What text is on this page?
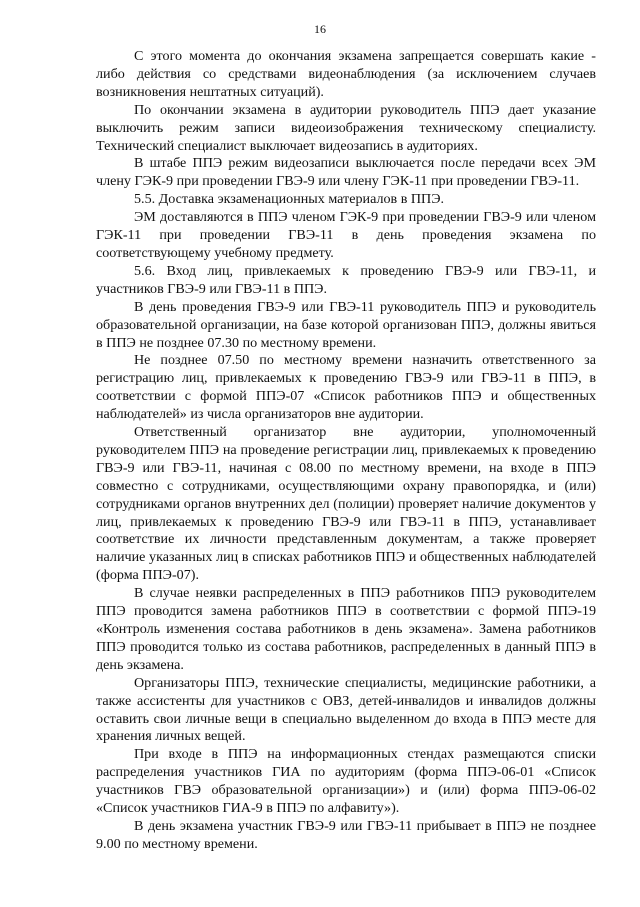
16

С этого момента до окончания экзамена запрещается совершать какие - либо действия со средствами видеонаблюдения (за исключением случаев возникновения нештатных ситуаций).

По окончании экзамена в аудитории руководитель ППЭ дает указание выключить режим записи видеоизображения техническому специалисту. Технический специалист выключает видеозапись в аудиториях.

В штабе ППЭ режим видеозаписи выключается после передачи всех ЭМ члену ГЭК-9 при проведении ГВЭ-9 или члену ГЭК-11 при проведении ГВЭ-11.

5.5. Доставка экзаменационных материалов в ППЭ.

ЭМ доставляются в ППЭ членом ГЭК-9 при проведении ГВЭ-9 или членом ГЭК-11 при проведении ГВЭ-11 в день проведения экзамена по соответствующему учебному предмету.

5.6. Вход лиц, привлекаемых к проведению ГВЭ-9 или ГВЭ-11, и участников ГВЭ-9 или ГВЭ-11 в ППЭ.

В день проведения ГВЭ-9 или ГВЭ-11 руководитель ППЭ и руководитель образовательной организации, на базе которой организован ППЭ, должны явиться в ППЭ не позднее 07.30 по местному времени.

Не позднее 07.50 по местному времени назначить ответственного за регистрацию лиц, привлекаемых к проведению ГВЭ-9 или ГВЭ-11 в ППЭ, в соответствии с формой ППЭ-07 «Список работников ППЭ и общественных наблюдателей» из числа организаторов вне аудитории.

Ответственный организатор вне аудитории, уполномоченный руководителем ППЭ на проведение регистрации лиц, привлекаемых к проведению ГВЭ-9 или ГВЭ-11, начиная с 08.00 по местному времени, на входе в ППЭ совместно с сотрудниками, осуществляющими охрану правопорядка, и (или) сотрудниками органов внутренних дел (полиции) проверяет наличие документов у лиц, привлекаемых к проведению ГВЭ-9 или ГВЭ-11 в ППЭ, устанавливает соответствие их личности представленным документам, а также проверяет наличие указанных лиц в списках работников ППЭ и общественных наблюдателей (форма ППЭ-07).

В случае неявки распределенных в ППЭ работников ППЭ руководителем ППЭ проводится замена работников ППЭ в соответствии с формой ППЭ-19 «Контроль изменения состава работников в день экзамена». Замена работников ППЭ проводится только из состава работников, распределенных в данный ППЭ в день экзамена.

Организаторы ППЭ, технические специалисты, медицинские работники, а также ассистенты для участников с ОВЗ, детей-инвалидов и инвалидов должны оставить свои личные вещи в специально выделенном до входа в ППЭ месте для хранения личных вещей.

При входе в ППЭ на информационных стендах размещаются списки распределения участников ГИА по аудиториям (форма ППЭ-06-01 «Список участников ГВЭ образовательной организации») и (или) форма ППЭ-06-02 «Список участников ГИА-9 в ППЭ по алфавиту»).

В день экзамена участник ГВЭ-9 или ГВЭ-11 прибывает в ППЭ не позднее 9.00 по местному времени.
